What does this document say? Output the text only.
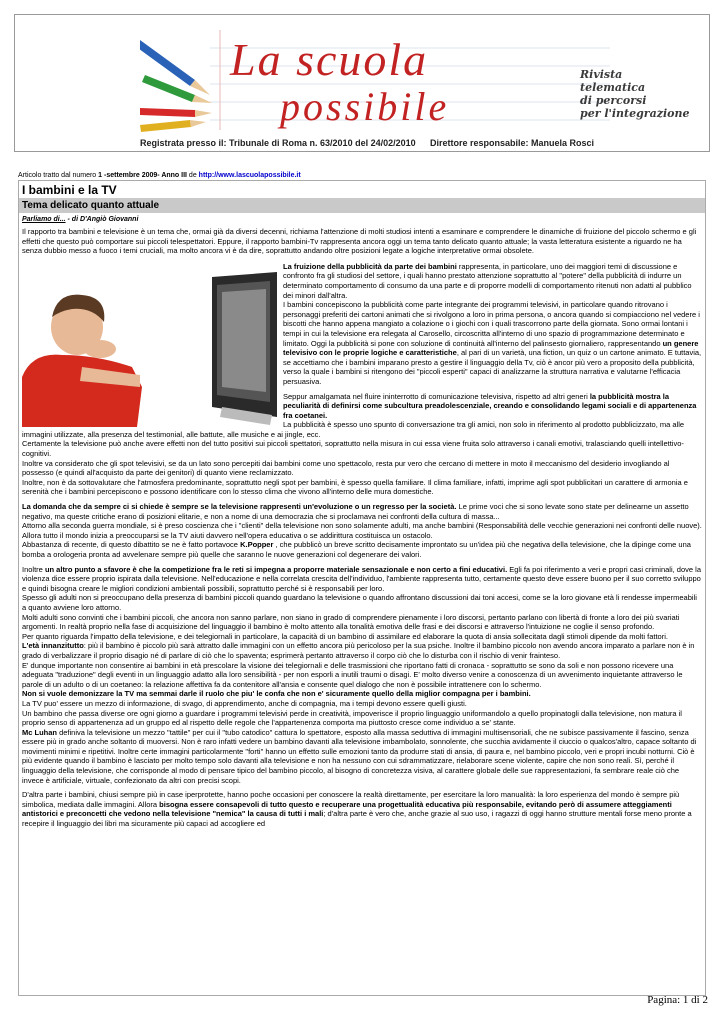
La scuola
possibile
Rivista
telematica
di percorsi
per l'integrazione
Registrata presso il: Tribunale di Roma n. 63/2010 del 24/02/2010 Direttore responsabile: Manuela Rosci
Articolo tratto dal numero 1 -settembre 2009- Anno III de http://www.lascuolapossibile.it
I bambini e la TV
Tema delicato quanto attuale
Parliamo di... - di D'Angiò Giovanni

Il rapporto tra bambini e televisione è un tema che, ormai già da diversi decenni, richiama l'attenzione di molti studiosi intenti a esaminare e comprendere le dinamiche di fruizione del piccolo schermo e gli effetti che questo può comportare sui piccoli telespettatori. Eppure, il rapporto bambini-Tv rappresenta ancora oggi un tema tanto delicato quanto attuale; la vasta letteratura esistente a riguardo ne ha senza dubbio messo a fuoco i temi cruciali, ma molto ancora vi è da dire, soprattutto andando oltre posizioni legate a logiche interpretative ormai obsolete.

La fruizione della pubblicità da parte dei bambini rappresenta, in particolare, uno dei maggiori temi di discussione e confronto fra gli studiosi del settore, i quali hanno prestato attenzione soprattutto al "potere" della pubblicità di indurre un determinato comportamento di consumo da una parte e di proporre modelli di comportamento ritenuti non adatti al pubblico dei minori dall'altra.
I bambini concepiscono la pubblicità come parte integrante dei programmi televisivi, in particolare quando ritrovano i personaggi preferiti dei cartoni animati che si rivolgono a loro in prima persona, o ancora quando si compiacciono nel vedere i biscotti che hanno appena mangiato a colazione o i giochi con i quali trascorrono parte della giornata. Sono ormai lontani i tempi in cui la televisione era relegata al Carosello, circoscritta all'interno di uno spazio di programmazione determinato e limitato. Oggi la pubblicità si pone con soluzione di continuità all'interno del palinsesto giornaliero, rappresentando un genere televisivo con le proprie logiche e caratteristiche, al pari di un varietà, una fiction, un quiz o un cartone animato. E tuttavia, se accettiamo che i bambini imparano presto a gestire il linguaggio della Tv, ciò è ancor più vero a proposito della pubblicità, verso la quale i bambini si ritengono dei "piccoli esperti" capaci di analizzarne la struttura narrativa e valutarne l'efficacia persuasiva.

Seppur amalgamata nel fluire ininterrotto di comunicazione televisiva, rispetto ad altri generi la pubblicità mostra la peculiarità di definirsi come subcultura preadolescenziale, creando e consolidando legami sociali e di appartenenza fra coetanei.
La pubblicità è spesso uno spunto di conversazione tra gli amici, non solo in riferimento al prodotto pubblicizzato, ma alle immagini utilizzate, alla presenza del testimonial, alle battute, alle musiche e ai jingle, ecc.
Certamente la televisione può anche avere effetti non del tutto positivi sui piccoli spettatori, soprattutto nella misura in cui essa viene fruita solo attraverso i canali emotivi, tralasciando quelli intellettivo-cognitivi.
Inoltre va considerato che gli spot televisivi, se da un lato sono percepiti dai bambini come uno spettacolo, resta pur vero che cercano di mettere in moto il meccanismo del desiderio invogliando al possesso (e quindi all'acquisto da parte dei genitori) di quanto viene reclamizzato.
Inoltre, non è da sottovalutare che l'atmosfera predominante, soprattutto negli spot per bambini, è spesso quella familiare. Il clima familiare, infatti, imprime agli spot pubblicitari un carattere di armonia e serenità che i bambini percepiscono e possono identificare con lo stesso clima che vivono all'interno delle mura domestiche.

La domanda che da sempre ci si chiede è sempre se la televisione rappresenti un'evoluzione o un regresso per la società. Le prime voci che si sono levate sono state per delinearne un assetto negativo, ma queste critiche erano di posizioni elitarie, e non a nome di una democrazia che si proclamava nei confronti della cultura di massa...
Attorno alla seconda guerra mondiale, si è preso coscienza che i "clienti" della televisione non sono solamente adulti, ma anche bambini (Responsabilità delle vecchie generazioni nei confronti delle nuove). Allora tutto il mondo inizia a preoccuparsi se la TV aiuti davvero nell'opera educativa o se addirittura costituisca un ostacolo.
Abbastanza di recente, di questo dibattito se ne è fatto portavoce K.Popper , che pubblicò un breve scritto decisamente improntato su un'idea più che negativa della televisione, che la dipinge come una bomba a orologeria pronta ad avvelenare sempre più quelle che saranno le nuove generazioni col degenerare dei valori.

Inoltre un altro punto a sfavore è che la competizione fra le reti si impegna a proporre materiale sensazionale e non certo a fini educativi. Egli fa poi riferimento a veri e propri casi criminali, dove la violenza dice essere proprio ispirata dalla televisione. Nell'educazione e nella correlata crescita dell'individuo, l'ambiente rappresenta tutto, certamente questo deve essere buono per il suo corretto sviluppo e quindi bisogna creare le migliori condizioni ambientali possibili, soprattutto perché si è responsabili per loro.
Spesso gli adulti non si preoccupano della presenza di bambini piccoli quando guardano la televisione o quando affrontano discussioni dai toni accesi, come se la loro giovane età li rendesse impermeabili a quanto avviene loro attorno.
Molti adulti sono convinti che i bambini piccoli, che ancora non sanno parlare, non siano in grado di comprendere pienamente i loro discorsi, pertanto parlano con libertà di fronte a loro dei più svariati argomenti. In realtà proprio nella fase di acquisizione del linguaggio il bambino è molto attento alla tonalità emotiva delle frasi e dei discorsi e attraverso l'intuizione ne coglie il senso profondo.
Per quanto riguarda l'impatto della televisione, e dei telegiornali in particolare, la capacità di un bambino di assimilare ed elaborare la quota di ansia sollecitata dagli stimoli dipende da molti fattori.
L'età innanzitutto: più il bambino è piccolo più sarà attratto dalle immagini con un effetto ancora più pericoloso per la sua psiche. Inoltre il bambino piccolo non avendo ancora imparato a parlare non è in grado di verbalizzare il proprio disagio né di parlare di ciò che lo spaventa; esprimerà pertanto attraverso il corpo ciò che lo disturba con il rischio di venir frainteso.
E' dunque importante non consentire ai bambini in età prescolare la visione dei telegiornali e delle trasmissioni che riportano fatti di cronaca - soprattutto se sono da soli e non possono ricevere una adeguata "traduzione" degli eventi in un linguaggio adatto alla loro sensibilità - per non esporli a inutili traumi o disagi. E' molto diverso venire a conoscenza di un avvenimento inquietante attraverso le parole di un adulto o di un coetaneo: la relazione affettiva fa da contenitore all'ansia e consente quel dialogo che non è possibile intrattenere con lo schermo.
Non si vuole demonizzare la TV ma semmai darle il ruolo che piu' le confa che non e' sicuramente quello della miglior compagna per i bambini.
La TV puo' essere un mezzo di informazione, di svago, di apprendimento, anche di compagnia, ma i tempi devono essere quelli giusti.
Un bambino che passa diverse ore ogni giorno a guardare i programmi televisivi perde in creatività, impoverisce il proprio linguaggio uniformandolo a quello propinatogli dalla televisione, non matura il proprio senso di appartenenza ad un gruppo ed al rispetto delle regole che l'appartenenza comporta ma piuttosto cresce come individuo a se' stante.
Mc Luhan definiva la televisione un mezzo "tattile" per cui il "tubo catodico" cattura lo spettatore, esposto alla massa seduttiva di immagini multisensoriali, che ne subisce passivamente il fascino, senza essere più in grado anche soltanto di muoversi. Non è raro infatti vedere un bambino davanti alla televisione imbambolato, sonnolente, che succhia avidamente il ciuccio o qualcos'altro, capace soltanto di movimenti minimi e ripetitivi. Inoltre certe immagini particolarmente "forti" hanno un effetto sulle emozioni tanto da produrre stati di ansia, di paura e, nel bambino piccolo, veri e propri incubi notturni. Ciò è più evidente quando il bambino è lasciato per molto tempo solo davanti alla televisione e non ha nessuno con cui sdrammatizzare, rielaborare scene violente, capire che non sono reali. Sì, perché il linguaggio della televisione, che corrisponde al modo di pensare tipico del bambino piccolo, al bisogno di concretezza visiva, al carattere globale delle sue rappresentazioni, fa sembrare reale ciò che invece è artificiale, virtuale, confezionato da altri con precisi scopi.

D'altra parte i bambini, chiusi sempre più in case iperprotette, hanno poche occasioni per conoscere la realtà direttamente, per esercitare la loro manualità: la loro esperienza del mondo è sempre più simbolica, mediata dalle immagini. Allora bisogna essere consapevoli di tutto questo e recuperare una progettualità educativa più responsabile, evitando però di assumere atteggiamenti antistorici e preconcetti che vedono nella televisione "nemica" la causa di tutti i mali; d'altra parte è vero che, anche grazie al suo uso, i ragazzi di oggi hanno strutture mentali forse meno pronte a recepire il linguaggio dei libri ma sicuramente più capaci ad accogliere ed

Pagina: 1 di 2
